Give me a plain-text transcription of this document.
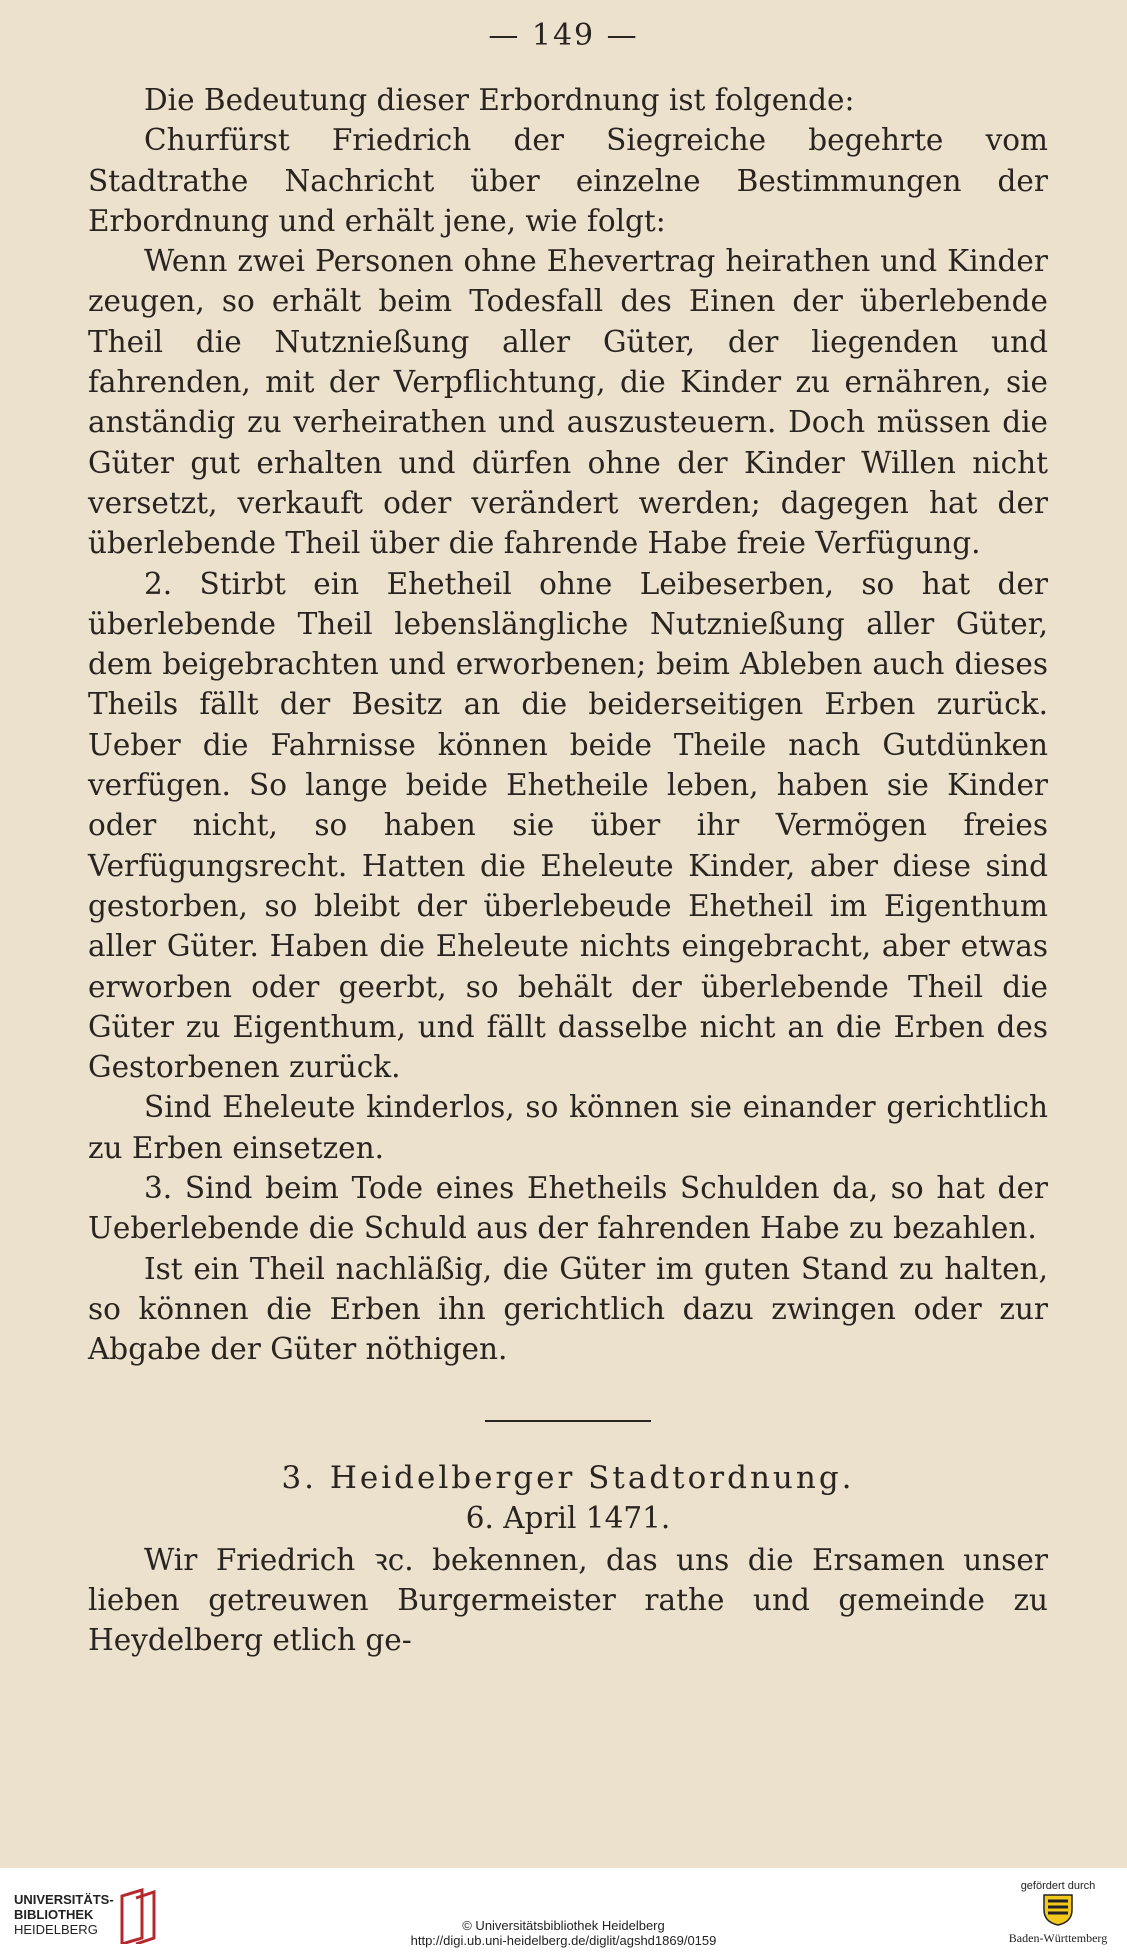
— 149 —

Die Bedeutung dieser Erbordnung ist folgende:

Churfürst Friedrich der Siegreiche begehrte vom Stadtrathe Nachricht über einzelne Bestimmungen der Erbordnung und erhält jene, wie folgt:

Wenn zwei Personen ohne Ehevertrag heirathen und Kinder zeugen, so erhält beim Todesfall des Einen der überlebende Theil die Nutznießung aller Güter, der liegenden und fahrenden, mit der Verpflichtung, die Kinder zu ernähren, sie anständig zu verheirathen und auszusteuern. Doch müssen die Güter gut erhalten und dürfen ohne der Kinder Willen nicht versetzt, verkauft oder verändert werden; dagegen hat der überlebende Theil über die fahrende Habe freie Verfügung.

2. Stirbt ein Ehetheil ohne Leibeserben, so hat der überlebende Theil lebenslängliche Nutznießung aller Güter, dem beigebrachten und erworbenen; beim Ableben auch dieses Theils fällt der Besitz an die beiderseitigen Erben zurück. Ueber die Fahrnisse können beide Theile nach Gutdünken verfügen. So lange beide Ehetheile leben, haben sie Kinder oder nicht, so haben sie über ihr Vermögen freies Verfügungsrecht. Hatten die Eheleute Kinder, aber diese sind gestorben, so bleibt der überlebeude Ehetheil im Eigenthum aller Güter. Haben die Eheleute nichts eingebracht, aber etwas erworben oder geerbt, so behält der überlebende Theil die Güter zu Eigenthum, und fällt dasselbe nicht an die Erben des Gestorbenen zurück.

Sind Eheleute kinderlos, so können sie einander gerichtlich zu Erben einsetzen.

3. Sind beim Tode eines Ehetheils Schulden da, so hat der Ueberlebende die Schuld aus der fahrenden Habe zu bezahlen.

Ist ein Theil nachläßig, die Güter im guten Stand zu halten, so können die Erben ihn gerichtlich dazu zwingen oder zur Abgabe der Güter nöthigen.

3. Heidelberger Stadtordnung.

6. April 1471.

Wir Friedrich ꝛc. bekennen, das uns die Ersamen unser lieben getreuwen Burgermeister rathe und gemeinde zu Heydelberg etlich ge-

UNIVERSITÄTS-
BIBLIOTHEK
HEIDELBERG	© Universitätsbibliothek Heidelberg
http://digi.ub.uni-heidelberg.de/diglit/agshd1869/0159
gefördert durch
Baden-Württemberg
